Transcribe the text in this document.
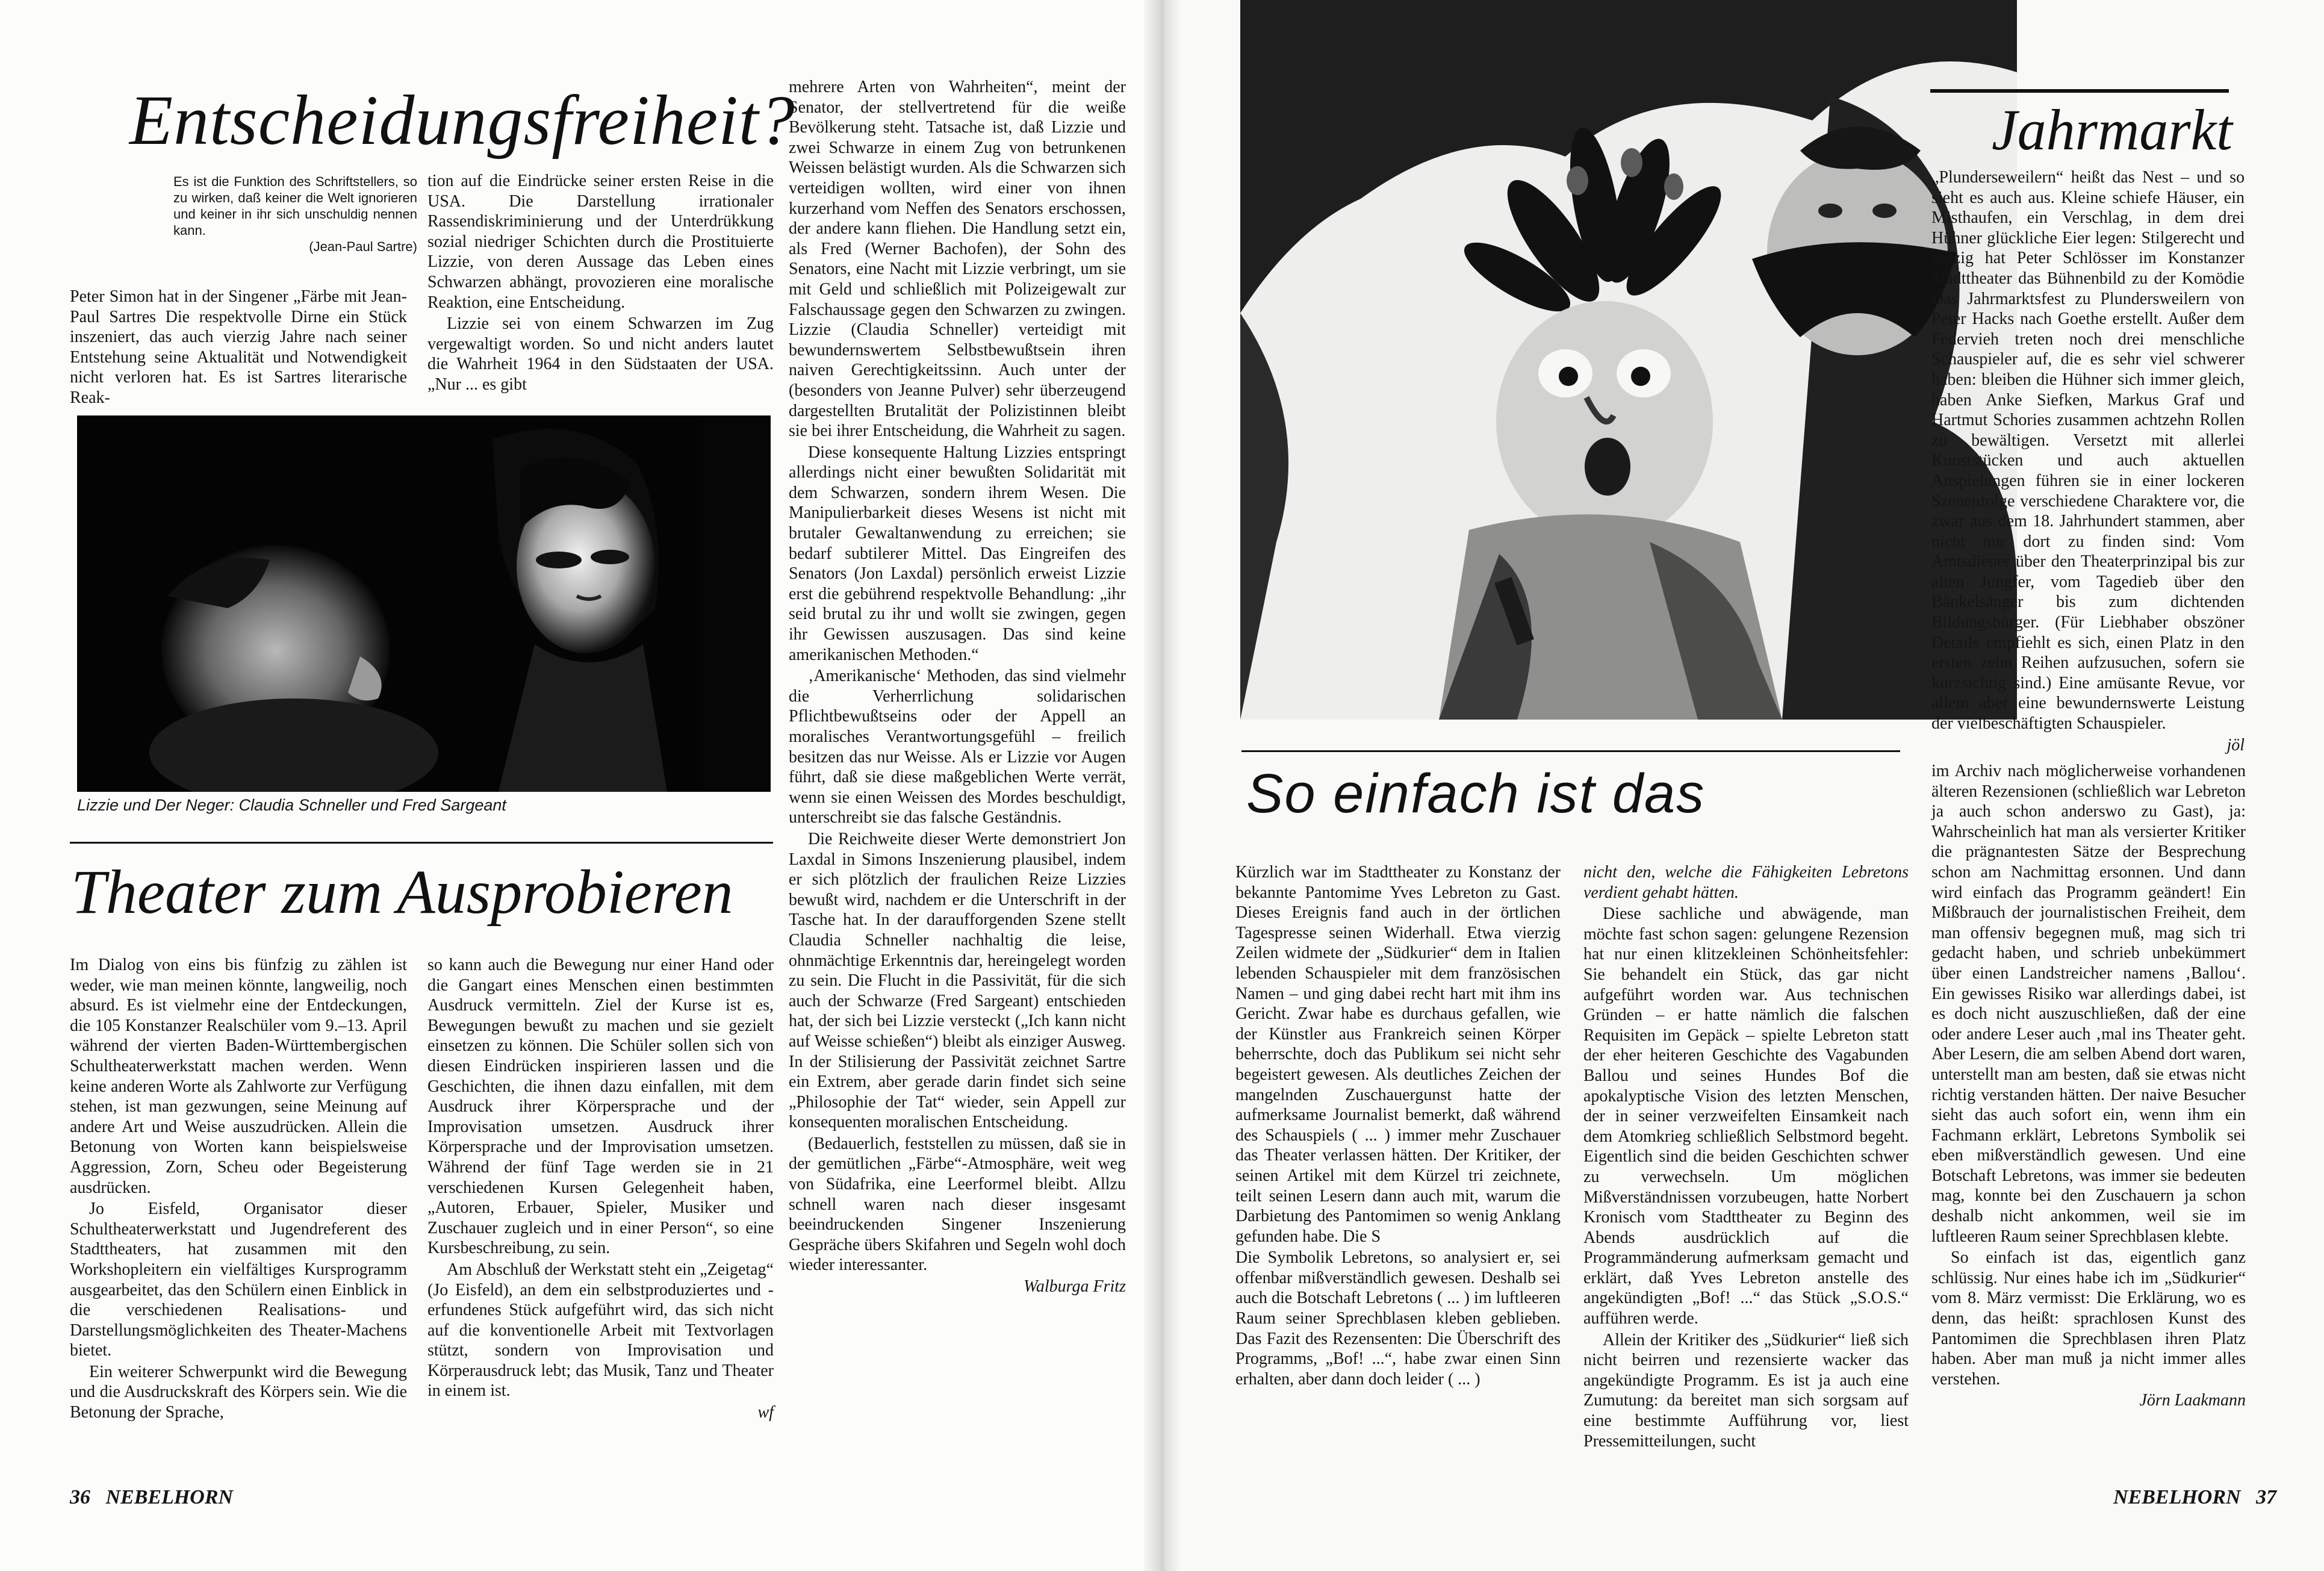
Entscheidungsfreiheit?
Es ist die Funktion des Schriftstellers, so zu wirken, daß keiner die Welt ignorieren und keiner in ihr sich unschuldig nennen kann.
(Jean-Paul Sartre)

Peter Simon hat in der Singener „Färbe mit Jean-Paul Sartres Die respektvolle Dirne ein Stück inszeniert, das auch vierzig Jahre nach seiner Entstehung seine Aktualität und Notwendigkeit nicht verloren hat. Es ist Sartres literarische Reak-

tion auf die Eindrücke seiner ersten Reise in die USA. Die Darstellung irrationaler Rassendiskriminierung und der Unterdrükkung sozial niedriger Schichten durch die Prostituierte Lizzie, von deren Aussage das Leben eines Schwarzen abhängt, provozieren eine moralische Reaktion, eine Entscheidung.

Lizzie sei von einem Schwarzen im Zug vergewaltigt worden. So und nicht anders lautet die Wahrheit 1964 in den Südstaaten der USA. „Nur ... es gibt

Lizzie und Der Neger: Claudia Schneller und Fred Sargeant
Theater zum Ausprobieren

Im Dialog von eins bis fünfzig zu zählen ist weder, wie man meinen könnte, langweilig, noch absurd. Es ist vielmehr eine der Entdeckungen, die 105 Konstanzer Realschüler vom 9.–13. April während der vierten Baden-Württembergischen Schultheaterwerkstatt machen werden. Wenn keine anderen Worte als Zahlworte zur Verfügung stehen, ist man gezwungen, seine Meinung auf andere Art und Weise auszudrücken. Allein die Betonung von Worten kann beispielsweise Aggression, Zorn, Scheu oder Begeisterung ausdrücken.

Jo Eisfeld, Organisator dieser Schultheaterwerkstatt und Jugendreferent des Stadttheaters, hat zusammen mit den Workshopleitern ein vielfältiges Kursprogramm ausgearbeitet, das den Schülern einen Einblick in die verschiedenen Realisations- und Darstellungsmöglichkeiten des Theater-Machens bietet.

Ein weiterer Schwerpunkt wird die Bewegung und die Ausdruckskraft des Körpers sein. Wie die Betonung der Sprache,

so kann auch die Bewegung nur einer Hand oder die Gangart eines Menschen einen bestimmten Ausdruck vermitteln. Ziel der Kurse ist es, Bewegungen bewußt zu machen und sie gezielt einsetzen zu können. Die Schüler sollen sich von diesen Eindrücken inspirieren lassen und die Geschichten, die ihnen dazu einfallen, mit dem Ausdruck ihrer Körpersprache und der Improvisation umsetzen. Ausdruck ihrer Körpersprache und der Improvisation umsetzen. Während der fünf Tage werden sie in 21 verschiedenen Kursen Gelegenheit haben, „Autoren, Erbauer, Spieler, Musiker und Zuschauer zugleich und in einer Person“, so eine Kursbeschreibung, zu sein.

Am Abschluß der Werkstatt steht ein „Zeigetag“ (Jo Eisfeld), an dem ein selbstproduziertes und -erfundenes Stück aufgeführt wird, das sich nicht auf die konventionelle Arbeit mit Textvorlagen stützt, sondern von Improvisation und Körperausdruck lebt; das Musik, Tanz und Theater in einem ist.

wf

mehrere Arten von Wahrheiten“, meint der Senator, der stellvertretend für die weiße Bevölkerung steht. Tatsache ist, daß Lizzie und zwei Schwarze in einem Zug von betrunkenen Weissen belästigt wurden. Als die Schwarzen sich verteidigen wollten, wird einer von ihnen kurzerhand vom Neffen des Senators erschossen, der andere kann fliehen. Die Handlung setzt ein, als Fred (Werner Bachofen), der Sohn des Senators, eine Nacht mit Lizzie verbringt, um sie mit Geld und schließlich mit Polizeigewalt zur Falschaussage gegen den Schwarzen zu zwingen. Lizzie (Claudia Schneller) verteidigt mit bewundernswertem Selbstbewußtsein ihren naiven Gerechtigkeitssinn. Auch unter der (besonders von Jeanne Pulver) sehr überzeugend dargestellten Brutalität der Polizistinnen bleibt sie bei ihrer Entscheidung, die Wahrheit zu sagen.

Diese konsequente Haltung Lizzies entspringt allerdings nicht einer bewußten Solidarität mit dem Schwarzen, sondern ihrem Wesen. Die Manipulierbarkeit dieses Wesens ist nicht mit brutaler Gewaltanwendung zu erreichen; sie bedarf subtilerer Mittel. Das Eingreifen des Senators (Jon Laxdal) persönlich erweist Lizzie erst die gebührend respektvolle Behandlung: „ihr seid brutal zu ihr und wollt sie zwingen, gegen ihr Gewissen auszusagen. Das sind keine amerikanischen Methoden.“

‚Amerikanische‘ Methoden, das sind vielmehr die Verherrlichung solidarischen Pflichtbewußtseins oder der Appell an moralisches Verantwortungsgefühl – freilich besitzen das nur Weisse. Als er Lizzie vor Augen führt, daß sie diese maßgeblichen Werte verrät, wenn sie einen Weissen des Mordes beschuldigt, unterschreibt sie das falsche Geständnis.

Die Reichweite dieser Werte demonstriert Jon Laxdal in Simons Inszenierung plausibel, indem er sich plötzlich der fraulichen Reize Lizzies bewußt wird, nachdem er die Unterschrift in der Tasche hat. In der daraufforgenden Szene stellt Claudia Schneller nachhaltig die leise, ohnmächtige Erkenntnis dar, hereingelegt worden zu sein. Die Flucht in die Passivität, für die sich auch der Schwarze (Fred Sargeant) entschieden hat, der sich bei Lizzie versteckt („Ich kann nicht auf Weisse schießen“) bleibt als einziger Ausweg. In der Stilisierung der Passivität zeichnet Sartre ein Extrem, aber gerade darin findet sich seine „Philosophie der Tat“ wieder, sein Appell zur konsequenten moralischen Entscheidung.

(Bedauerlich, feststellen zu müssen, daß sie in der gemütlichen „Färbe“-Atmosphäre, weit weg von Südafrika, eine Leerformel bleibt. Allzu schnell waren nach dieser insgesamt beeindruckenden Singener Inszenierung Gespräche übers Skifahren und Segeln wohl doch wieder interessanter.

Walburga Fritz

36   NEBELHORN
Jahrmarkt

„Plunderseweilern“ heißt das Nest – und so sieht es auch aus. Kleine schiefe Häuser, ein Misthaufen, ein Verschlag, in dem drei Hühner glückliche Eier legen: Stilgerecht und witzig hat Peter Schlösser im Konstanzer Stadttheater das Bühnenbild zu der Komödie Das Jahrmarktsfest zu Plundersweilern von Peter Hacks nach Goethe erstellt. Außer dem Federvieh treten noch drei menschliche Schauspieler auf, die es sehr viel schwerer haben: bleiben die Hühner sich immer gleich, haben Anke Siefken, Markus Graf und Hartmut Schories zusammen achtzehn Rollen zu bewältigen. Versetzt mit allerlei Kunststücken und auch aktuellen Anspielungen führen sie in einer lockeren Szenenfolge verschiedene Charaktere vor, die zwar aus dem 18. Jahrhundert stammen, aber nicht nur dort zu finden sind: Vom Amtsdiener über den Theaterprinzipal bis zur alten Jungfer, vom Tagedieb über den Bänkelsänger bis zum dichtenden Bildungsbürger. (Für Liebhaber obszöner Details empfiehlt es sich, einen Platz in den ersten zehn Reihen aufzusuchen, sofern sie kurzsichtig sind.) Eine amüsante Revue, vor allem aber eine bewundernswerte Leistung der vielbeschäftigten Schauspieler.

jöl

So einfach ist das

Kürzlich war im Stadttheater zu Konstanz der bekannte Pantomime Yves Lebreton zu Gast. Dieses Ereignis fand auch in der örtlichen Tagespresse seinen Widerhall. Etwa vierzig Zeilen widmete der „Südkurier“ dem in Italien lebenden Schauspieler mit dem französischen Namen – und ging dabei recht hart mit ihm ins Gericht. Zwar habe es durchaus gefallen, wie der Künstler aus Frankreich seinen Körper beherrschte, doch das Publikum sei nicht sehr begeistert gewesen. Als deutliches Zeichen der mangelnden Zuschauergunst hatte der aufmerksame Journalist bemerkt, daß während des Schauspiels ( ... ) immer mehr Zuschauer das Theater verlassen hätten. Der Kritiker, der seinen Artikel mit dem Kürzel tri zeichnete, teilt seinen Lesern dann auch mit, warum die Darbietung des Pantomimen so wenig Anklang gefunden habe. Die S

Die Symbolik Lebretons, so analysiert er, sei offenbar mißverständlich gewesen. Deshalb sei auch die Botschaft Lebretons ( ... ) im luftleeren Raum seiner Sprechblasen kleben geblieben. Das Fazit des Rezensenten: Die Überschrift des Programms, „Bof! ...“, habe zwar einen Sinn erhalten, aber dann doch leider ( ... )

nicht den, welche die Fähigkeiten Lebretons verdient gehabt hätten.

Diese sachliche und abwägende, man möchte fast schon sagen: gelungene Rezension hat nur einen klitzekleinen Schönheitsfehler: Sie behandelt ein Stück, das gar nicht aufgeführt worden war. Aus technischen Gründen – er hatte nämlich die falschen Requisiten im Gepäck – spielte Lebreton statt der eher heiteren Geschichte des Vagabunden Ballou und seines Hundes Bof die apokalyptische Vision des letzten Menschen, der in seiner verzweifelten Einsamkeit nach dem Atomkrieg schließlich Selbstmord begeht. Eigentlich sind die beiden Geschichten schwer zu verwechseln. Um möglichen Mißverständnissen vorzubeugen, hatte Norbert Kronisch vom Stadttheater zu Beginn des Abends ausdrücklich auf die Programmänderung aufmerksam gemacht und erklärt, daß Yves Lebreton anstelle des angekündigten „Bof! ...“ das Stück „S.O.S.“ aufführen werde.

Allein der Kritiker des „Südkurier“ ließ sich nicht beirren und rezensierte wacker das angekündigte Programm. Es ist ja auch eine Zumutung: da bereitet man sich sorgsam auf eine bestimmte Aufführung vor, liest Pressemitteilungen, sucht

im Archiv nach möglicherweise vorhandenen älteren Rezensionen (schließlich war Lebreton ja auch schon anderswo zu Gast), ja: Wahrscheinlich hat man als versierter Kritiker die prägnantesten Sätze der Besprechung schon am Nachmittag ersonnen. Und dann wird einfach das Programm geändert! Ein Mißbrauch der journalistischen Freiheit, dem man offensiv begegnen muß, mag sich tri gedacht haben, und schrieb unbekümmert über einen Landstreicher namens ‚Ballou‘. Ein gewisses Risiko war allerdings dabei, ist es doch nicht auszuschließen, daß der eine oder andere Leser auch ‚mal ins Theater geht. Aber Lesern, die am selben Abend dort waren, unterstellt man am besten, daß sie etwas nicht richtig verstanden hätten. Der naive Besucher sieht das auch sofort ein, wenn ihm ein Fachmann erklärt, Lebretons Symbolik sei eben mißverständlich gewesen. Und eine Botschaft Lebretons, was immer sie bedeuten mag, konnte bei den Zuschauern ja schon deshalb nicht ankommen, weil sie im luftleeren Raum seiner Sprechblasen klebte.

So einfach ist das, eigentlich ganz schlüssig. Nur eines habe ich im „Südkurier“ vom 8. März vermisst: Die Erklärung, wo es denn, das heißt: sprachlosen Kunst des Pantomimen die Sprechblasen ihren Platz haben. Aber man muß ja nicht immer alles verstehen.

Jörn Laakmann

NEBELHORN   37
